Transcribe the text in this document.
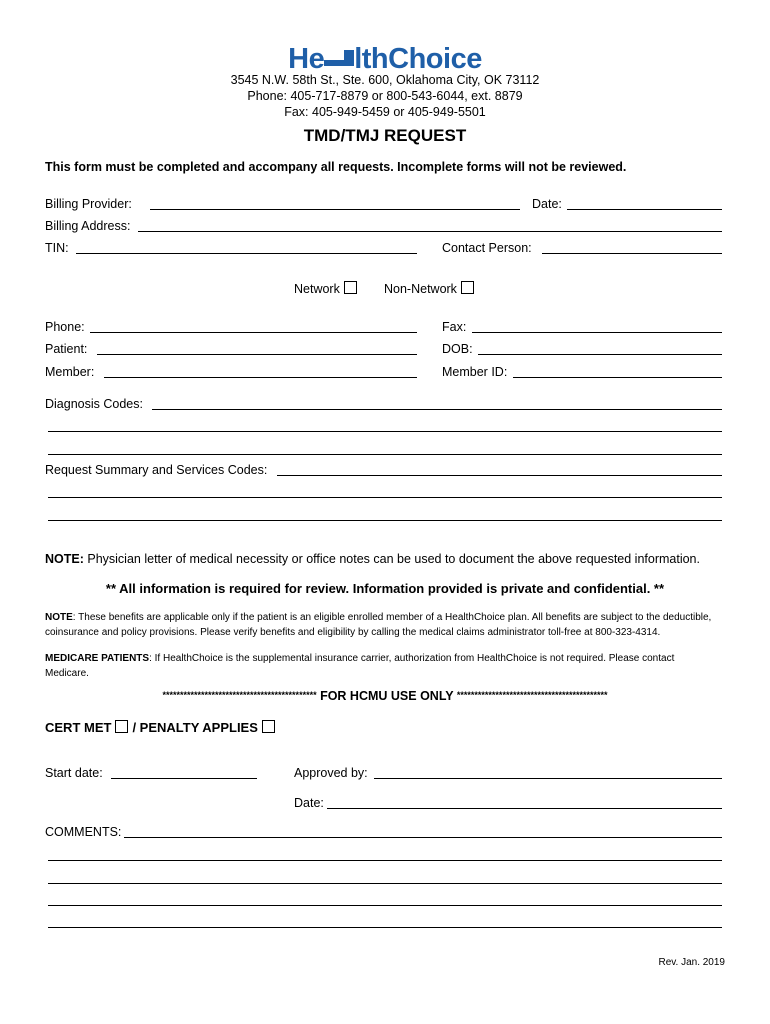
He lthChoice
3545 N.W. 58th St., Ste. 600, Oklahoma City, OK 73112
Phone: 405-717-8879 or 800-543-6044, ext. 8879
Fax: 405-949-5459 or 405-949-5501
TMD/TMJ REQUEST
This form must be completed and accompany all requests. Incomplete forms will not be reviewed.
Billing Provider:	Date:
Billing Address:
TIN:	Contact Person:
Network	Non-Network
Phone:	Fax:
Patient:	DOB:
Member:	Member ID:
Diagnosis Codes:
Request Summary and Services Codes:
NOTE: Physician letter of medical necessity or office notes can be used to document the above requested information.
** All information is required for review. Information provided is private and confidential. **
NOTE: These benefits are applicable only if the patient is an eligible enrolled member of a HealthChoice plan. All benefits are subject to the deductible,
coinsurance and policy provisions. Please verify benefits and eligibility by calling the medical claims administrator toll-free at 800-323-4314.
MEDICARE PATIENTS: If HealthChoice is the supplemental insurance carrier, authorization from HealthChoice is not required. Please contact
Medicare.
******************************************** FOR HCMU USE ONLY *******************************************
CERT MET / PENALTY APPLIES
Start date:	Approved by:
Date:
COMMENTS:
Rev. Jan. 2019
